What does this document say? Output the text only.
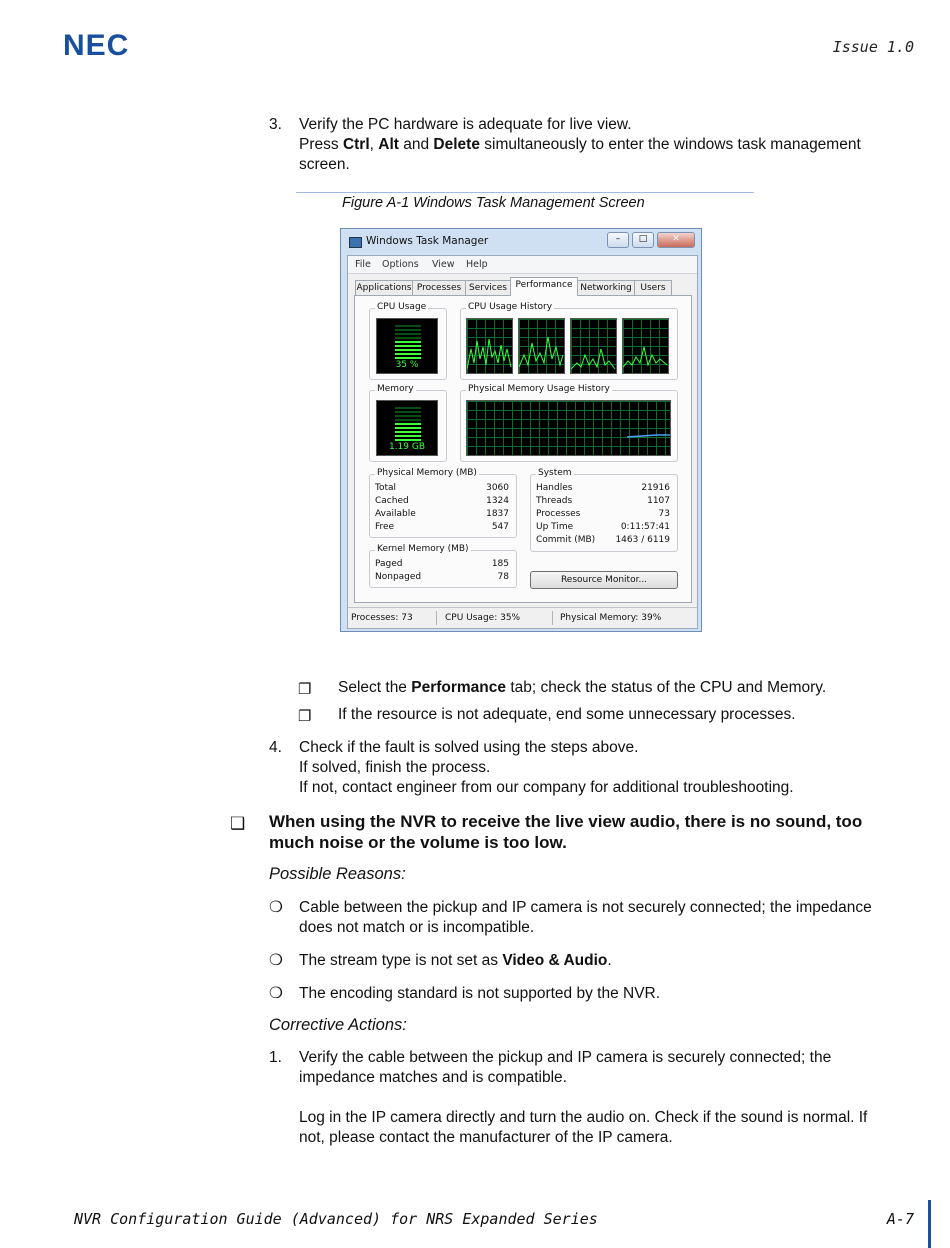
NEC	Issue 1.0
3. Verify the PC hardware is adequate for live view.
Press Ctrl, Alt and Delete simultaneously to enter the windows task management
screen.
Figure A-1 Windows Task Management Screen
Windows Task Manager	–	□	✕
File Options View Help
Applications Processes Services Performance Networking Users
CPU Usage
35 %
CPU Usage History
Memory
1.19 GB
Physical Memory Usage History
Physical Memory (MB)
Total	3060
Cached	1324
Available	1837
Free	547
Kernel Memory (MB)
Paged	185
Nonpaged	78
System
Handles	21916
Threads	1107
Processes	73
Up Time	0:11:57:41
Commit (MB) 1463 / 6119
Resource Monitor...
Processes: 73	CPU Usage: 35%	Physical Memory: 39%
❐ Select the Performance tab; check the status of the CPU and Memory.
❐ If the resource is not adequate, end some unnecessary processes.
4. Check if the fault is solved using the steps above.
If solved, finish the process.
If not, contact engineer from our company for additional troubleshooting.
❑ When using the NVR to receive the live view audio, there is no sound, too
much noise or the volume is too low.
Possible Reasons:
❍ Cable between the pickup and IP camera is not securely connected; the impedance
does not match or is incompatible.
❍ The stream type is not set as Video & Audio.
❍ The encoding standard is not supported by the NVR.
Corrective Actions:
1. Verify the cable between the pickup and IP camera is securely connected; the
impedance matches and is compatible.
Log in the IP camera directly and turn the audio on. Check if the sound is normal. If
not, please contact the manufacturer of the IP camera.
NVR Configuration Guide (Advanced) for NRS Expanded Series	A-7
